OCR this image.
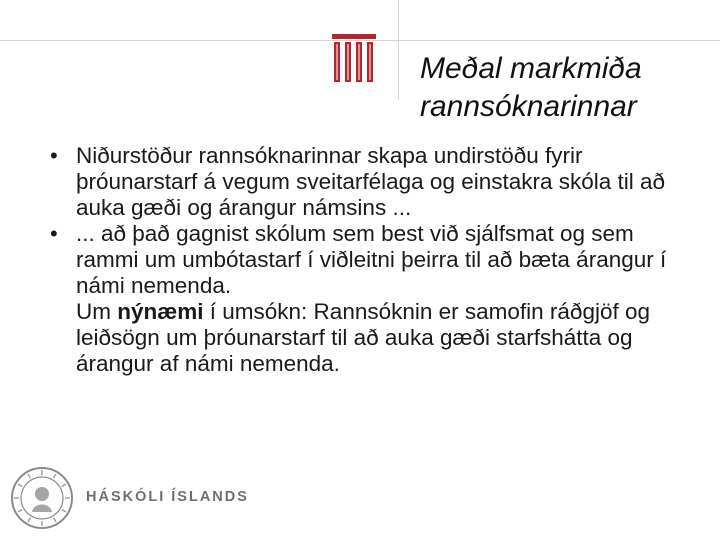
Meðal markmiða
rannsóknarinnar
• Niðurstöður rannsóknarinnar skapa undirstöðu fyrir þróunarstarf á vegum sveitarfélaga og einstakra skóla til að auka gæði og árangur námsins ...
• ... að það gagnist skólum sem best við sjálfsmat og sem rammi um umbótastarf í viðleitni þeirra til að bæta árangur í námi nemenda.
Um nýnæmi í umsókn: Rannsóknin er samofin ráðgjöf og leiðsögn um þróunarstarf til að auka gæði starfshátta og árangur af námi nemenda.
HÁSKÓLI ÍSLANDS
